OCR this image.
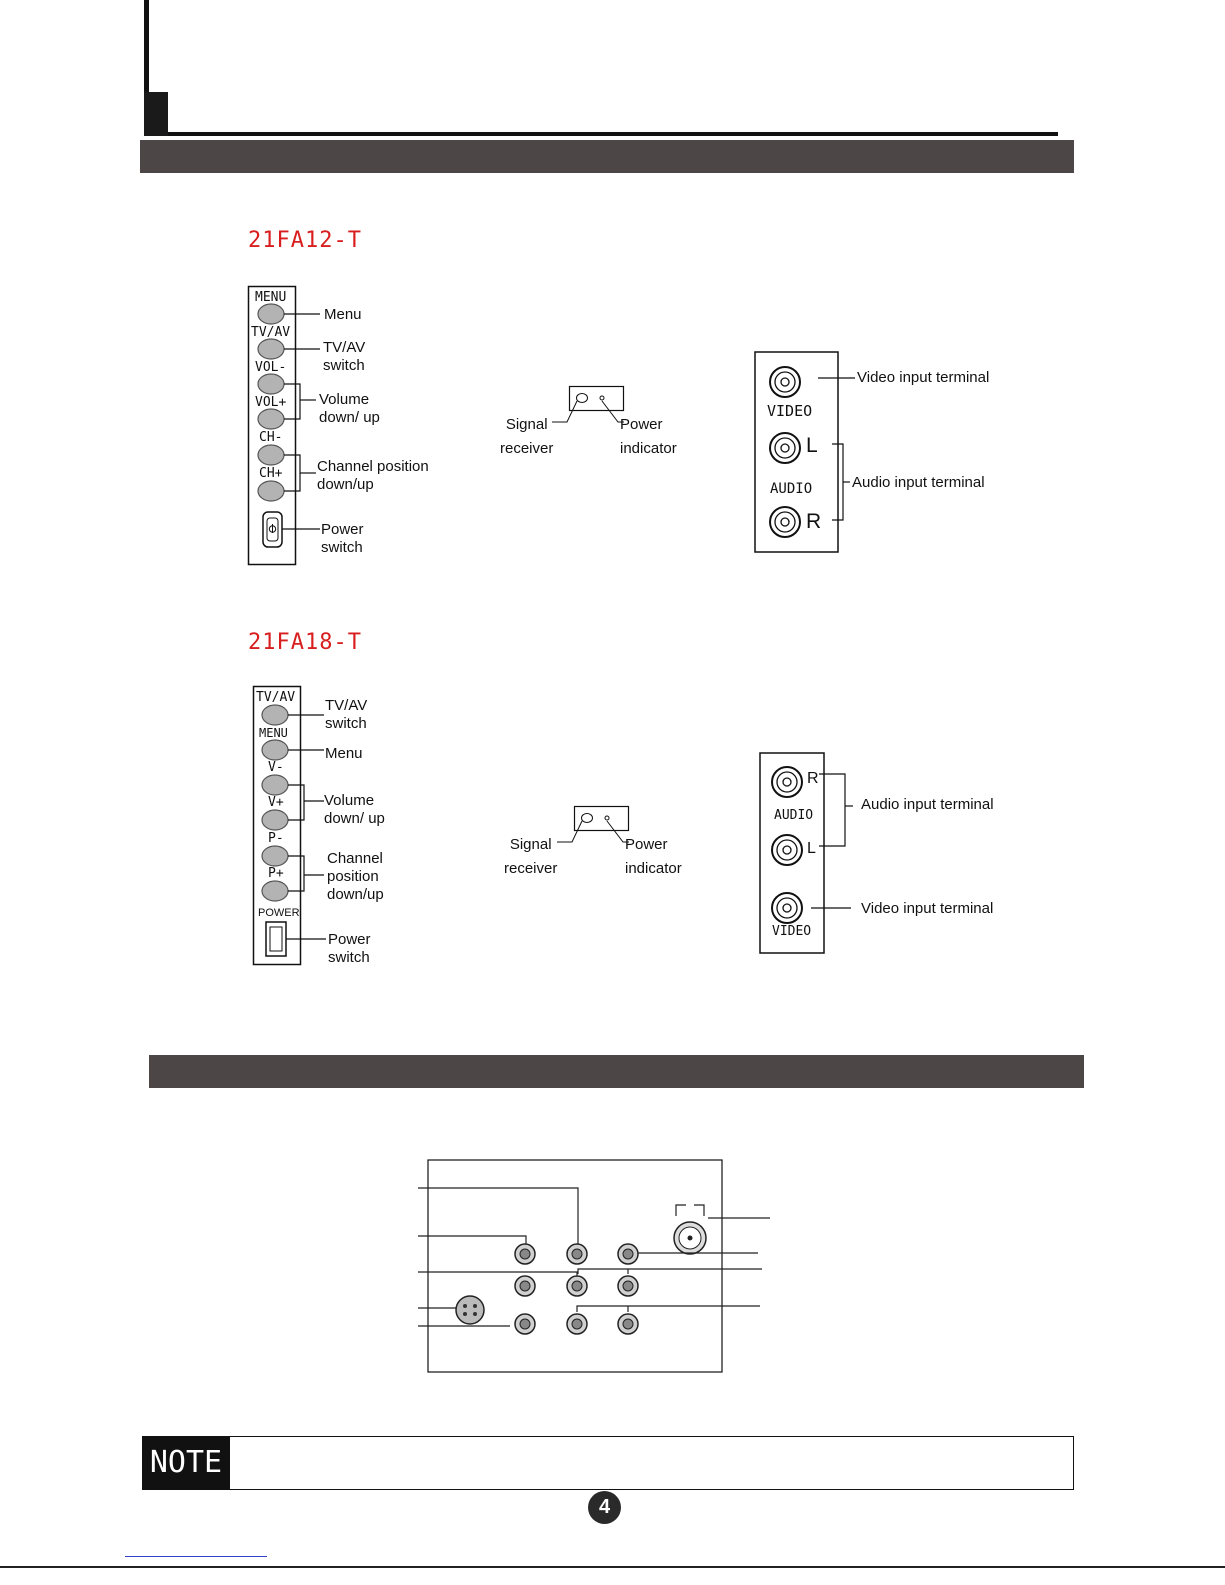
21FA12-T
MENU
TV/AV
VOL-
VOL+
CH-
CH+
Menu
TV/AV
switch
Volume
down/ up
Channel position
down/up
Power
switch
Signal
receiver
Power
indicator
VIDEO
AUDIO
L
R
Video input terminal
Audio input terminal
21FA18-T
TV/AV
MENU
V-
V+
P-
P+
POWER
TV/AV
switch
Menu
Volume
down/ up
Channel
position
down/up
Power
switch
Signal
receiver
Power
indicator
AUDIO
VIDEO
R
L
Audio input terminal
Video input terminal
NOTE
4
